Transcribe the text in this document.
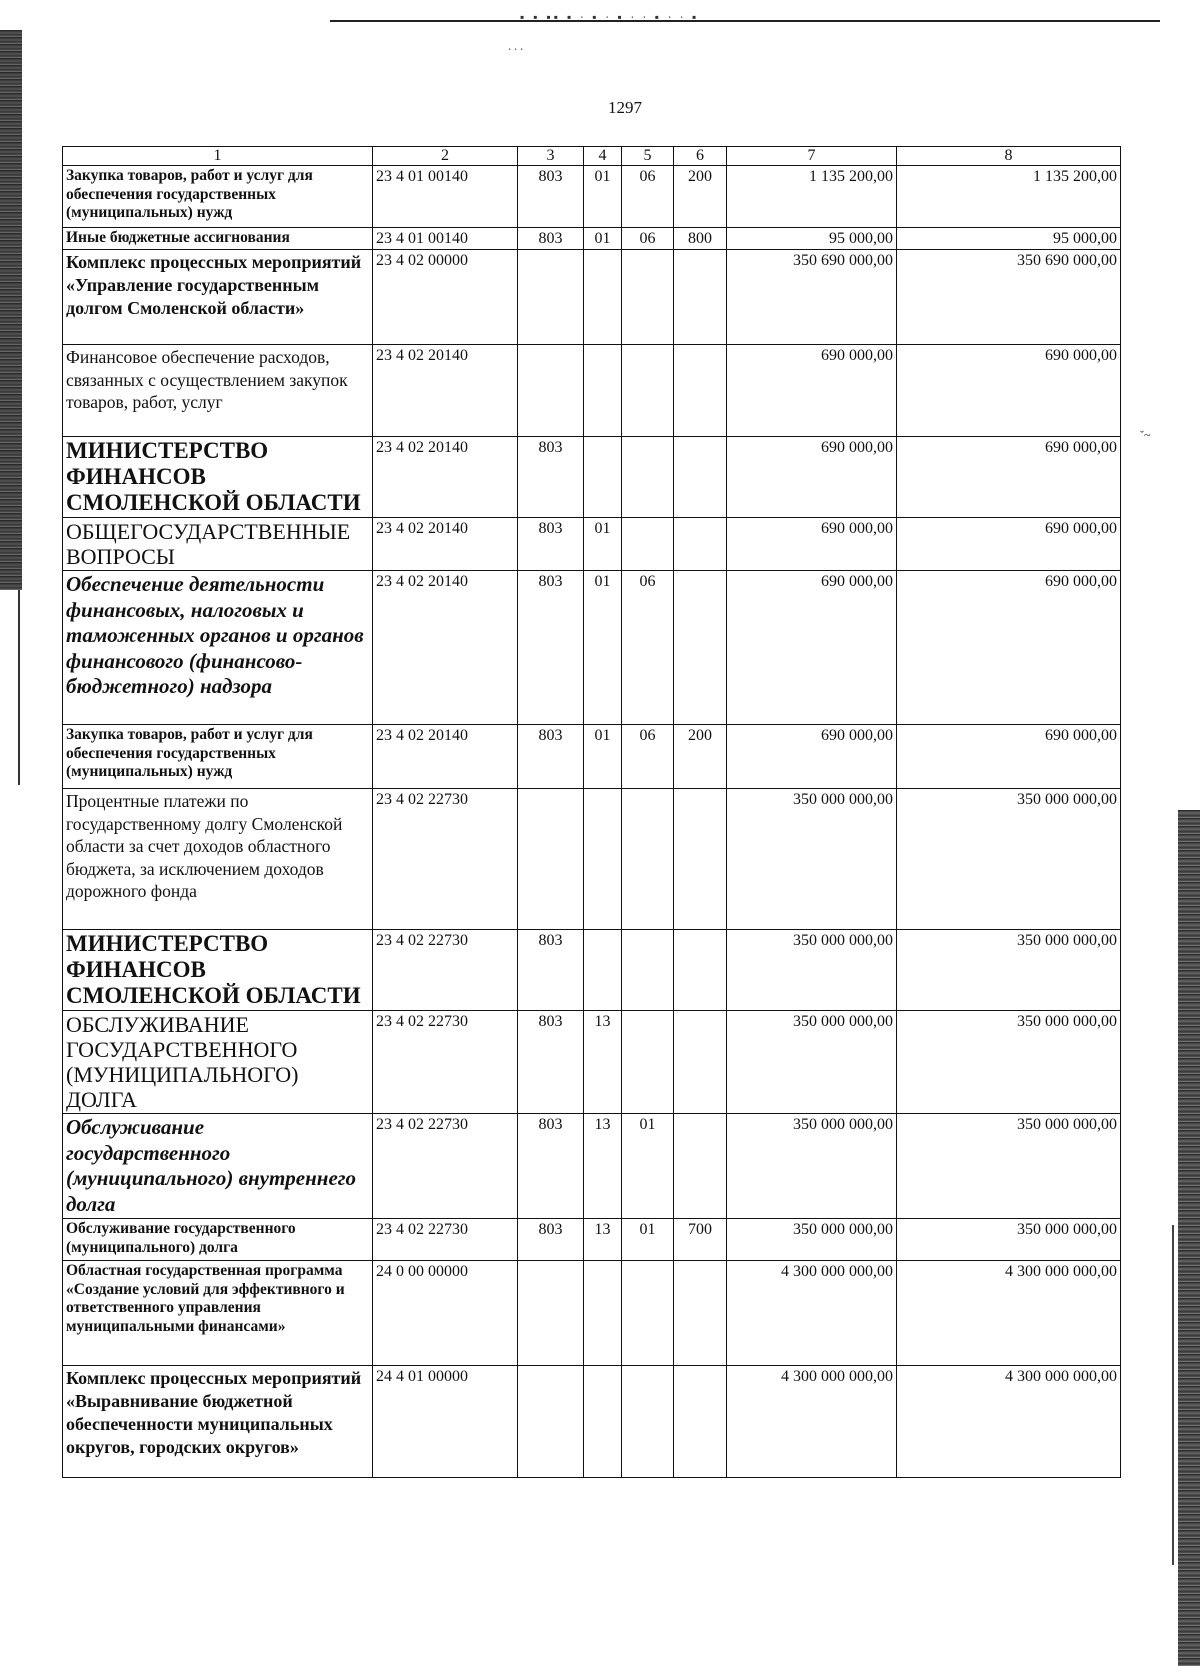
▪ ▪ ▪▪ ▪ ∙ ▪ ∙ ▪ ∙ ∙ ▪ ∙ ∙ ▪
∙ ∙ ∙
ˇ~
1297
1	2	3	4	5	6	7	8
Закупка товаров, работ и услуг для обеспечения государственных (муниципальных) нужд	23 4 01 00140	803	01	06	200	1 135 200,00	1 135 200,00
Иные бюджетные ассигнования	23 4 01 00140	803	01	06	800	95 000,00	95 000,00
Комплекс процессных мероприятий «Управление государственным долгом Смоленской области»	23 4 02 00000					350 690 000,00	350 690 000,00
Финансовое обеспечение расходов, связанных с осуществлением закупок товаров, работ, услуг	23 4 02 20140					690 000,00	690 000,00
МИНИСТЕРСТВО ФИНАНСОВ СМОЛЕНСКОЙ ОБЛАСТИ	23 4 02 20140	803				690 000,00	690 000,00
ОБЩЕГОСУДАРСТВЕННЫЕ ВОПРОСЫ	23 4 02 20140	803	01			690 000,00	690 000,00
Обеспечение деятельности финансовых, налоговых и таможенных органов и органов финансового (финансово-бюджетного) надзора	23 4 02 20140	803	01	06		690 000,00	690 000,00
Закупка товаров, работ и услуг для обеспечения государственных (муниципальных) нужд	23 4 02 20140	803	01	06	200	690 000,00	690 000,00
Процентные платежи по государственному долгу Смоленской области за счет доходов областного бюджета, за исключением доходов дорожного фонда	23 4 02 22730					350 000 000,00	350 000 000,00
МИНИСТЕРСТВО ФИНАНСОВ СМОЛЕНСКОЙ ОБЛАСТИ	23 4 02 22730	803				350 000 000,00	350 000 000,00
ОБСЛУЖИВАНИЕ ГОСУДАРСТВЕННОГО (МУНИЦИПАЛЬНОГО) ДОЛГА	23 4 02 22730	803	13			350 000 000,00	350 000 000,00
Обслуживание государственного (муниципального) внутреннего долга	23 4 02 22730	803	13	01		350 000 000,00	350 000 000,00
Обслуживание государственного (муниципального) долга	23 4 02 22730	803	13	01	700	350 000 000,00	350 000 000,00
Областная государственная программа «Создание условий для эффективного и ответственного управления муниципальными финансами»	24 0 00 00000					4 300 000 000,00	4 300 000 000,00
Комплекс процессных мероприятий «Выравнивание бюджетной обеспеченности муниципальных округов, городских округов»	24 4 01 00000					4 300 000 000,00	4 300 000 000,00
